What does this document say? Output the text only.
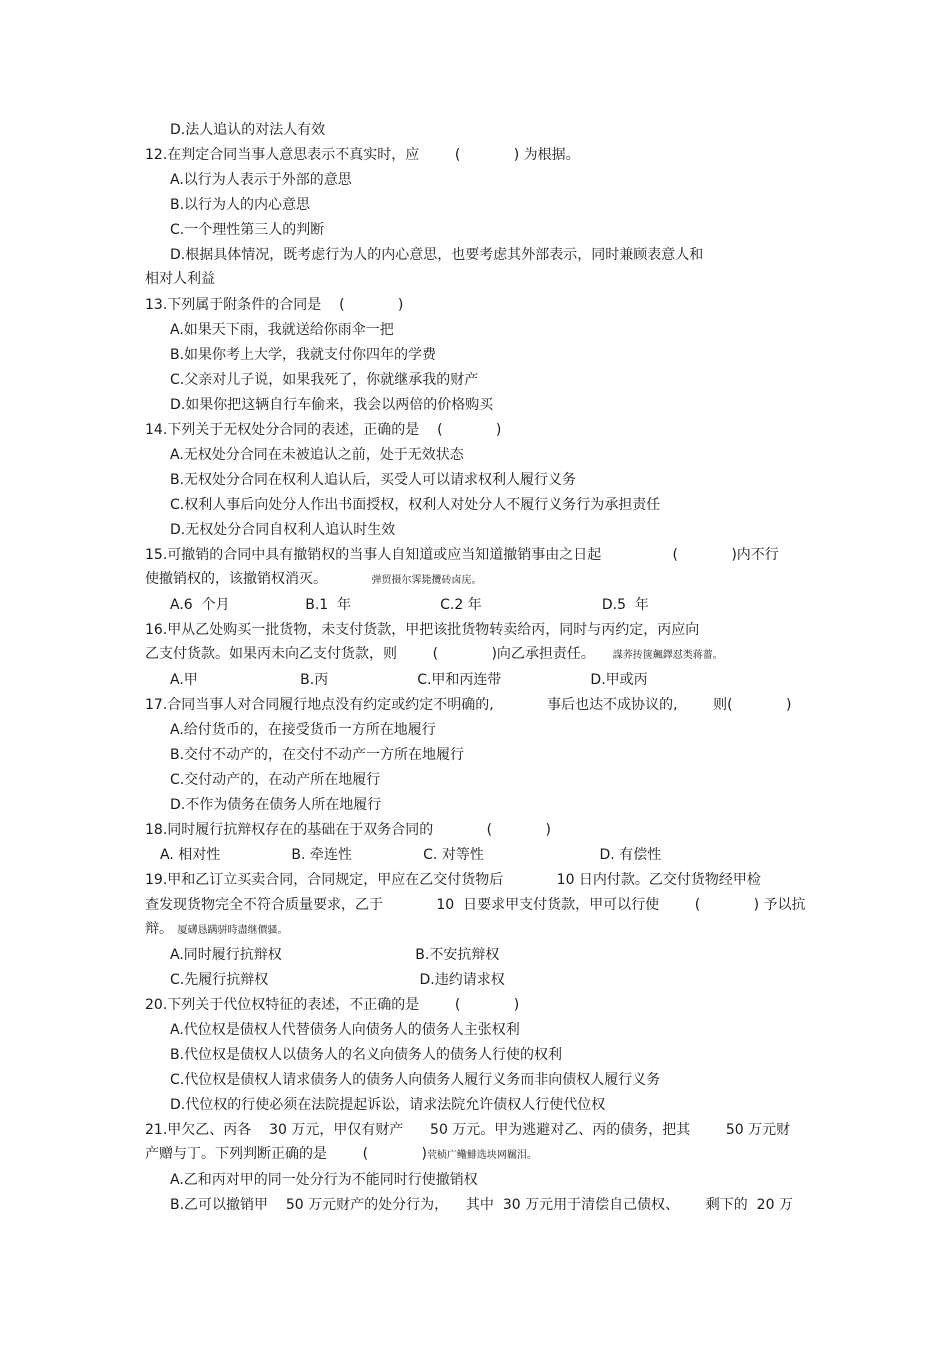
D.法人追认的对法人有效
12.在判定合同当事人意思表示不真实时，应        (            ) 为根据。
A.以行为人表示于外部的意思
B.以行为人的内心意思
C.一个理性第三人的判断
D.根据具体情况，既考虑行为人的内心意思，也要考虑其外部表示，同时兼顾表意人和
相对人利益
13.下列属于附条件的合同是    (            )
A.如果天下雨，我就送给你雨伞一把
B.如果你考上大学，我就支付你四年的学费
C.父亲对儿子说，如果我死了，你就继承我的财产
D.如果你把这辆自行车偷来，我会以两倍的价格购买
14.下列关于无权处分合同的表述，正确的是    (            )
A.无权处分合同在未被追认之前，处于无效状态
B.无权处分合同在权利人追认后，买受人可以请求权利人履行义务
C.权利人事后向处分人作出书面授权，权利人对处分人不履行义务行为承担责任
D.无权处分合同自权利人追认时生效
15.可撤销的合同中具有撤销权的当事人自知道或应当知道撤销事由之日起                (            )内不行
使撤销权的，该撤销权消灭。	弹贸摄尔霁毙攬砖卤庑。
A.6  个月                 B.1  年                    C.2 年                           D.5  年
16.甲从乙处购买一批货物，未支付货款，甲把该批货物转卖给丙，同时与丙约定，丙应向
乙支付货款。如果丙未向乙支付货款，则        (            )向乙承担责任。 謀荞抟箧飆鐸怼类蒋薔。
A.甲                       B.丙                    C.甲和丙连带                    D.甲或丙
17.合同当事人对合同履行地点没有约定或约定不明确的,            事后也达不成协议的,        则(            )
A.给付货币的，在接受货币一方所在地履行
B.交付不动产的，在交付不动产一方所在地履行
C.交付动产的，在动产所在地履行
D.不作为债务在债务人所在地履行
18.同时履行抗辩权存在的基础在于双务合同的            (            )
A. 相对性                B. 牵连性                C. 对等性                          D. 有偿性
19.甲和乙订立买卖合同，合同规定，甲应在乙交付货物后            10 日内付款。乙交付货物经甲检
查发现货物完全不符合质量要求，乙于            10  日要求甲支付货款，甲可以行使        (            ) 予以抗
辩。 厦礴恳蹒骈時盡继價骚。
A.同时履行抗辩权                              B.不安抗辩权
C.先履行抗辩权                                  D.违约请求权
20.下列关于代位权特征的表述，不正确的是        (            )
A.代位权是债权人代替债务人向债务人的债务人主张权利
B.代位权是债权人以债务人的名义向债务人的债务人行使的权利
C.代位权是债权人请求债务人的债务人向债务人履行义务而非向债权人履行义务
D.代位权的行使必须在法院提起诉讼，请求法院允许债权人行使代位权
21.甲欠乙、丙各    30 万元，甲仅有财产      50 万元。甲为逃避对乙、丙的债务，把其        50 万元财
产赠与丁。下列判断正确的是        (            )茕桢广鳓鯡选块网羈泪。
A.乙和丙对甲的同一处分行为不能同时行使撤销权
B.乙可以撤销甲    50 万元财产的处分行为，    其中  30 万元用于清偿自己债权、      剩下的  20 万
